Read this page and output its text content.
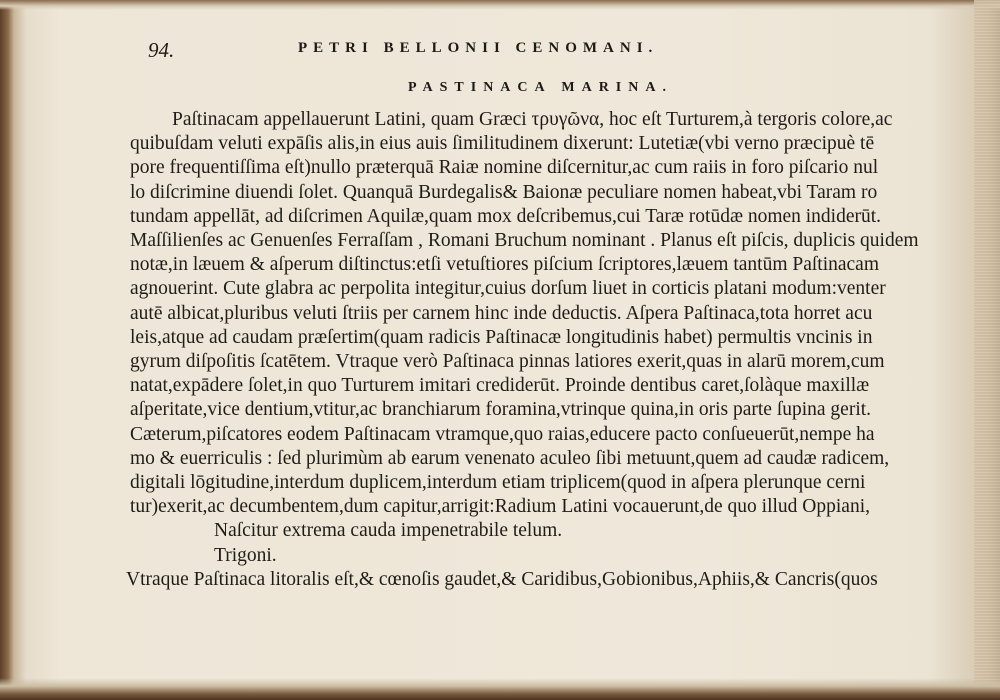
94.	PETRI BELLONII CENOMANI.
PASTINACA MARINA.
Paſtinacam appellauerunt Latini, quam Græci τρυγῶνα, hoc eſt Turturem,à tergoris colore,ac
quibuſdam veluti expāſis alis,in eius auis ſimilitudinem dixerunt: Lutetiæ(vbi verno præcipuè tē
pore frequentiſſima eſt)nullo præterquā Raiæ nomine diſcernitur,ac cum raiis in foro piſcario nul
lo diſcrimine diuendi ſolet. Quanquā Burdegalis& Baionæ peculiare nomen habeat,vbi Taram ro
tundam appellāt, ad diſcrimen Aquilæ,quam mox deſcribemus,cui Taræ rotūdæ nomen indiderūt.
Maſſilienſes ac Genuenſes Ferraſſam , Romani Bruchum nominant . Planus eſt piſcis, duplicis quidem
notæ,in læuem & aſperum diſtinctus:etſi vetuſtiores piſcium ſcriptores,læuem tantūm Paſtinacam
agnouerint. Cute glabra ac perpolita integitur,cuius dorſum liuet in corticis platani modum:venter
autē albicat,pluribus veluti ſtriis per carnem hinc inde deductis. Aſpera Paſtinaca,tota horret acu
leis,atque ad caudam præſertim(quam radicis Paſtinacæ longitudinis habet) permultis vncinis in
gyrum diſpoſitis ſcatētem. Vtraque verò Paſtinaca pinnas latiores exerit,quas in alarū morem,cum
natat,expādere ſolet,in quo Turturem imitari crediderūt. Proinde dentibus caret,ſolàque maxillæ
aſperitate,vice dentium,vtitur,ac branchiarum foramina,vtrinque quina,in oris parte ſupina gerit.
Cæterum,piſcatores eodem Paſtinacam vtramque,quo raias,educere pacto conſueuerūt,nempe ha
mo & euerriculis : ſed plurimùm ab earum venenato aculeo ſibi metuunt,quem ad caudæ radicem,
digitali lōgitudine,interdum duplicem,interdum etiam triplicem(quod in aſpera plerunque cerni
tur)exerit,ac decumbentem,dum capitur,arrigit:Radium Latini vocauerunt,de quo illud Oppiani,
Naſcitur extrema cauda impenetrabile telum.
Trigoni.
Vtraque Paſtinaca litoralis eſt,& cœnoſis gaudet,& Caridibus,Gobionibus,Aphiis,& Cancris(quos
